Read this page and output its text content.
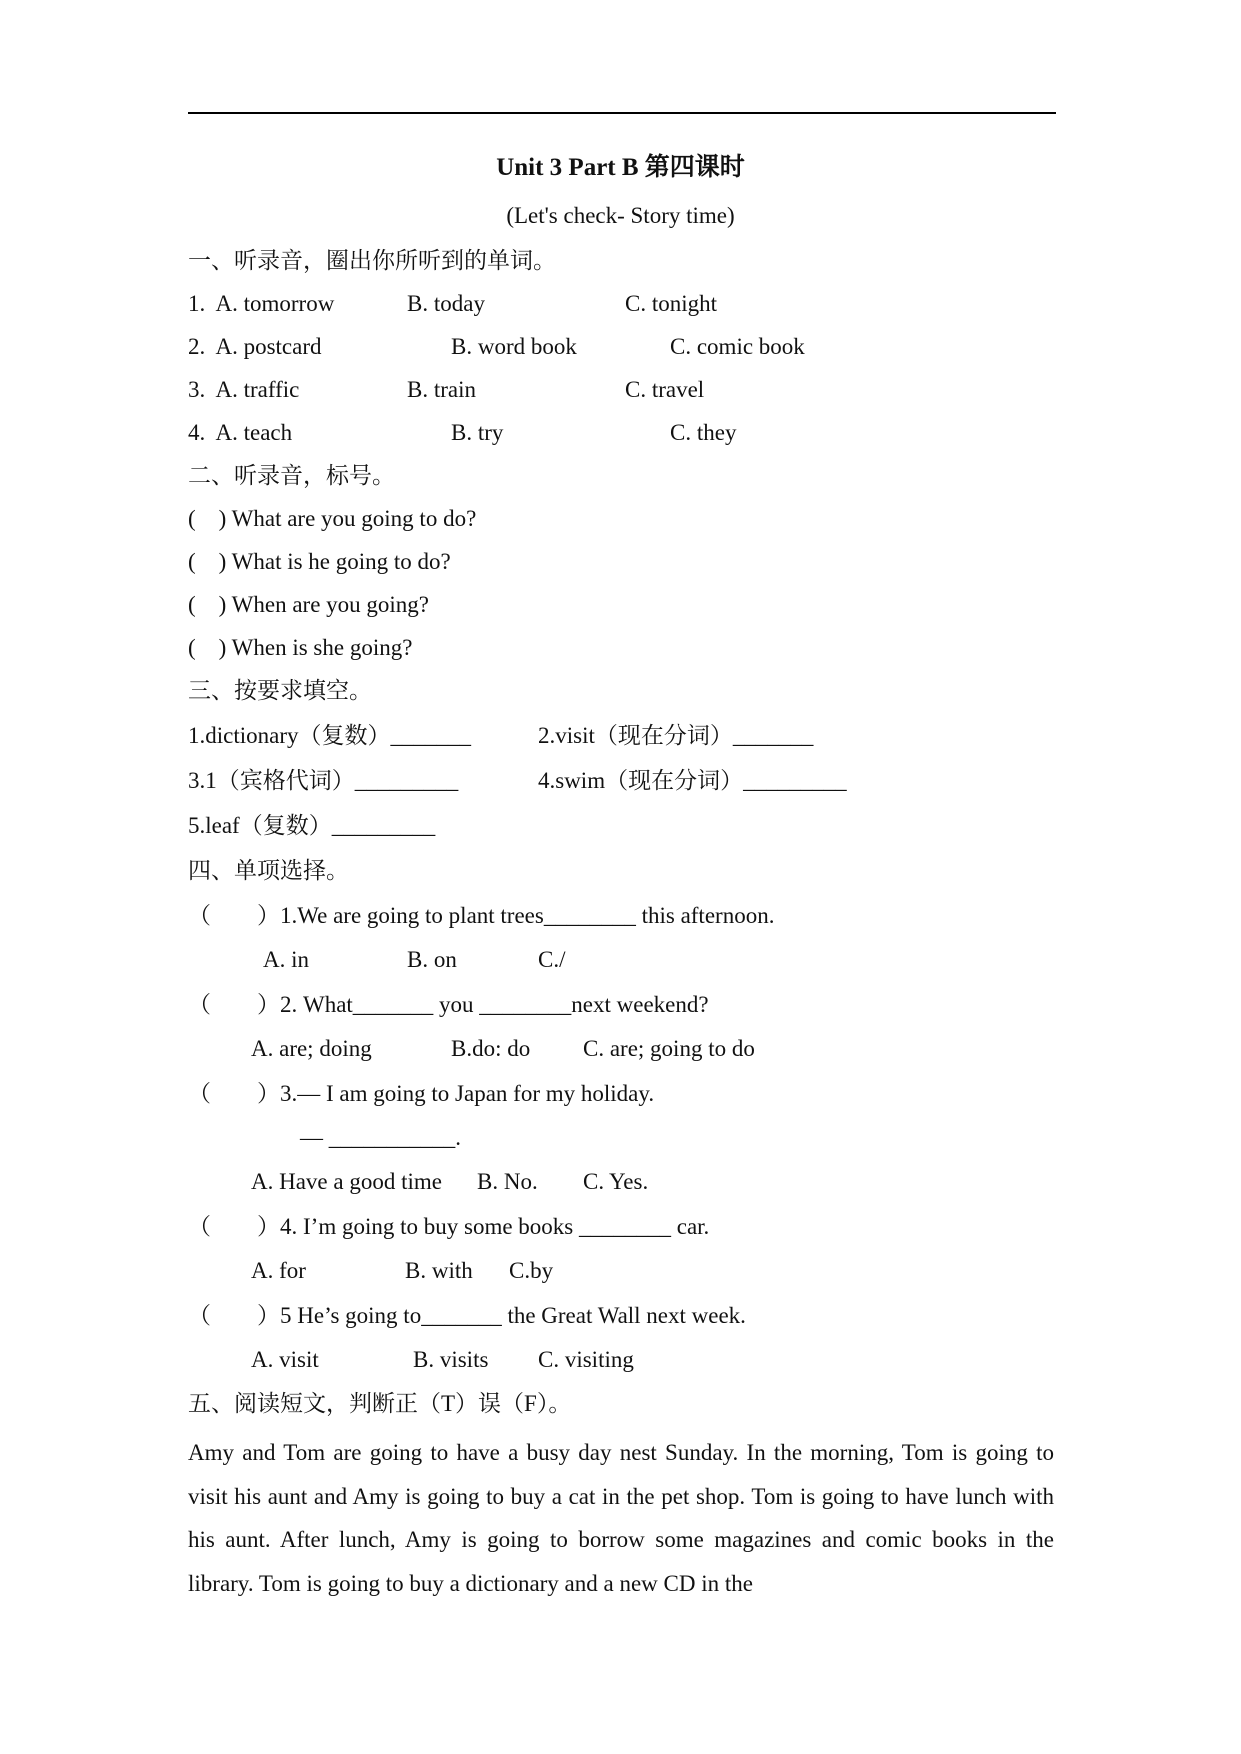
Unit 3 Part B 第四课时
(Let's check- Story time)
一、听录音，圈出你所听到的单词。
1.  A. tomorrow	B. today	C. tonight
2.  A. postcard	B. word book	C. comic book
3.  A. traffic	B. train	C. travel
4.  A. teach	B. try	C. they
二、听录音，标号。
(    ) What are you going to do?
(    ) What is he going to do?
(    ) When are you going?
(    ) When is she going?
三、按要求填空。
1.dictionary（复数）_______	2.visit（现在分词）_______
3.1（宾格代词）_________	4.swim（现在分词）_________
5.leaf（复数）_________
四、单项选择。
（        ）1.We are going to plant trees________ this afternoon.
A. in	B. on	C./
（        ）2. What_______ you ________next weekend?
A. are; doing	B.do: do C. are; going to do
（        ）3.— I am going to Japan for my holiday.
— ___________.
A. Have a good time B. No. C. Yes.
（        ）4. I’m going to buy some books ________ car.
A. for	B. with C.by
（        ）5 He’s going to_______ the Great Wall next week.
A. visit	B. visits C. visiting
五、阅读短文，判断正（T）误（F）。
Amy and Tom are going to have a busy day nest Sunday. In the morning, Tom is going to visit his aunt and Amy is going to buy a cat in the pet shop. Tom is going to have lunch with his aunt. After lunch, Amy is going to borrow some magazines and comic books in the library. Tom is going to buy a dictionary and a new CD in the
